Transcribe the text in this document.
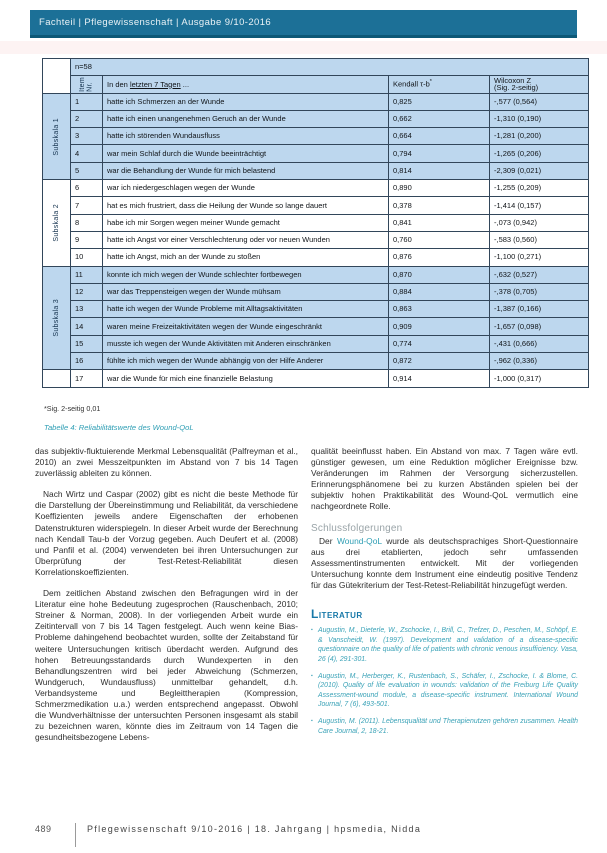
Fachteil | Pflegewissenschaft | Ausgabe 9/10-2016
	n=58			

	Item
Nr.	In den letzten 7 Tagen ...	Kendall τ-b*	Wilcoxon Z
(Sig. 2-seitig)

Subskala 1	1	hatte ich Schmerzen an der Wunde	0,825	-,577 (0,564)
	2	hatte ich einen unangenehmen Geruch an der Wunde	0,662	-1,310 (0,190)
	3	hatte ich störenden Wundausfluss	0,664	-1,281 (0,200)
	4	war mein Schlaf durch die Wunde beeinträchtigt	0,794	-1,265 (0,206)
	5	war die Behandlung der Wunde für mich belastend	0,814	-2,309 (0,021)

Subskala 2	6	war ich niedergeschlagen wegen der Wunde	0,890	-1,255 (0,209)
	7	hat es mich frustriert, dass die Heilung der Wunde so lange dauert	0,378	-1,414 (0,157)
	8	habe ich mir Sorgen wegen meiner Wunde gemacht	0,841	-,073 (0,942)
	9	hatte ich Angst vor einer Verschlechterung oder vor neuen Wunden	0,760	-,583 (0,560)
	10	hatte ich Angst, mich an der Wunde zu stoßen	0,876	-1,100 (0,271)

Subskala 3	11	konnte ich mich wegen der Wunde schlechter fortbewegen	0,870	-,632 (0,527)
	12	war das Treppensteigen wegen der Wunde mühsam	0,884	-,378 (0,705)
	13	hatte ich wegen der Wunde Probleme mit Alltagsaktivitäten	0,863	-1,387 (0,166)
	14	waren meine Freizeitaktivitäten wegen der Wunde eingeschränkt	0,909	-1,657 (0,098)
	15	musste ich wegen der Wunde Aktivitäten mit Anderen einschränken	0,774	-,431 (0,666)
	16	fühlte ich mich wegen der Wunde abhängig von der Hilfe Anderer	0,872	-,962 (0,336)
	17	war die Wunde für mich eine finanzielle Belastung	0,914	-1,000 (0,317)
*Sig. 2-seitig 0,01
Tabelle 4: Reliabilitätswerte des Wound-QoL

das subjektiv-fluktuierende Merkmal Lebensqualität (Palfreyman et al., 2010) an zwei Messzeitpunkten im Abstand von 7 bis 14 Tagen zuverlässig ableiten zu können.

Nach Wirtz und Caspar (2002) gibt es nicht die beste Methode für die Darstellung der Übereinstimmung und Reliabilität, da verschiedene Koeffizienten jeweils andere Eigenschaften der erhobenen Datenstrukturen widerspiegeln. In dieser Arbeit wurde der Berechnung nach Kendall Tau-b der Vorzug gegeben. Auch Deufert et al. (2008) und Panfil et al. (2004) verwendeten bei ihren Untersuchungen zur Überprüfung der Test-Retest-Reliabilität diesen Korrelationskoeffizienten.

Dem zeitlichen Abstand zwischen den Befragungen wird in der Literatur eine hohe Bedeutung zugesprochen (Rauschenbach, 2010; Streiner & Norman, 2008). In der vorliegenden Arbeit wurde ein Zeitintervall von 7 bis 14 Tagen festgelegt. Auch wenn keine Bias-Probleme dahingehend beobachtet wurden, sollte der Zeitabstand für weitere Untersuchungen kritisch überdacht werden. Aufgrund des hohen Betreuungsstandards durch Wundexperten in den Behandlungszentren wird bei jeder Abweichung (Schmerzen, Wundgeruch, Wundausfluss) unmittelbar gehandelt, d.h. Verbandsysteme und Begleittherapien (Kompression, Schmerzmedikation u.a.) werden entsprechend angepasst. Obwohl die Wundverhältnisse der untersuchten Personen insgesamt als stabil zu bezeichnen waren, könnte dies im Zeitraum von 14 Tagen die gesundheitsbezogene Lebens-

qualität beeinflusst haben. Ein Abstand von max. 7 Tagen wäre evtl. günstiger gewesen, um eine Reduktion möglicher Ereignisse bzw. Veränderungen im Rahmen der Versorgung sicherzustellen. Erinnerungsphänomene bei zu kurzen Abständen spielen bei der subjektiv hohen Praktikabilität des Wound-QoL vermutlich eine nachgeordnete Rolle.

Schlussfolgerungen

Der Wound-QoL wurde als deutschsprachiges Short-Questionnaire aus drei etablierten, jedoch sehr umfassenden Assessmentinstrumenten entwickelt. Mit der vorliegenden Untersuchung konnte dem Instrument eine eindeutig positive Tendenz für das Gütekriterium der Test-Retest-Reliabilität hinzugefügt werden.

Literatur
▪ Augustin, M., Dieterle, W., Zschocke, I., Brill, C., Trefzer, D., Peschen, M., Schöpf, E. & Vanscheidt, W. (1997). Development and validation of a disease-specific questionnaire on the quality of life of patients with chronic venous insufficiency. Vasa, 26 (4), 291-301.
▪ Augustin, M., Herberger, K., Rustenbach, S., Schäfer, I., Zschocke, I. & Blome, C. (2010). Quality of life evaluation in wounds: validation of the Freiburg Life Quality Assessment-wound module, a disease-specific instrument. International Wound Journal, 7 (6), 493-501.
▪ Augustin, M. (2011). Lebensqualität und Therapienutzen gehören zusammen. Health Care Journal, 2, 18-21.
489	Pflegewissenschaft 9/10-2016 | 18. Jahrgang | hpsmedia, Nidda
